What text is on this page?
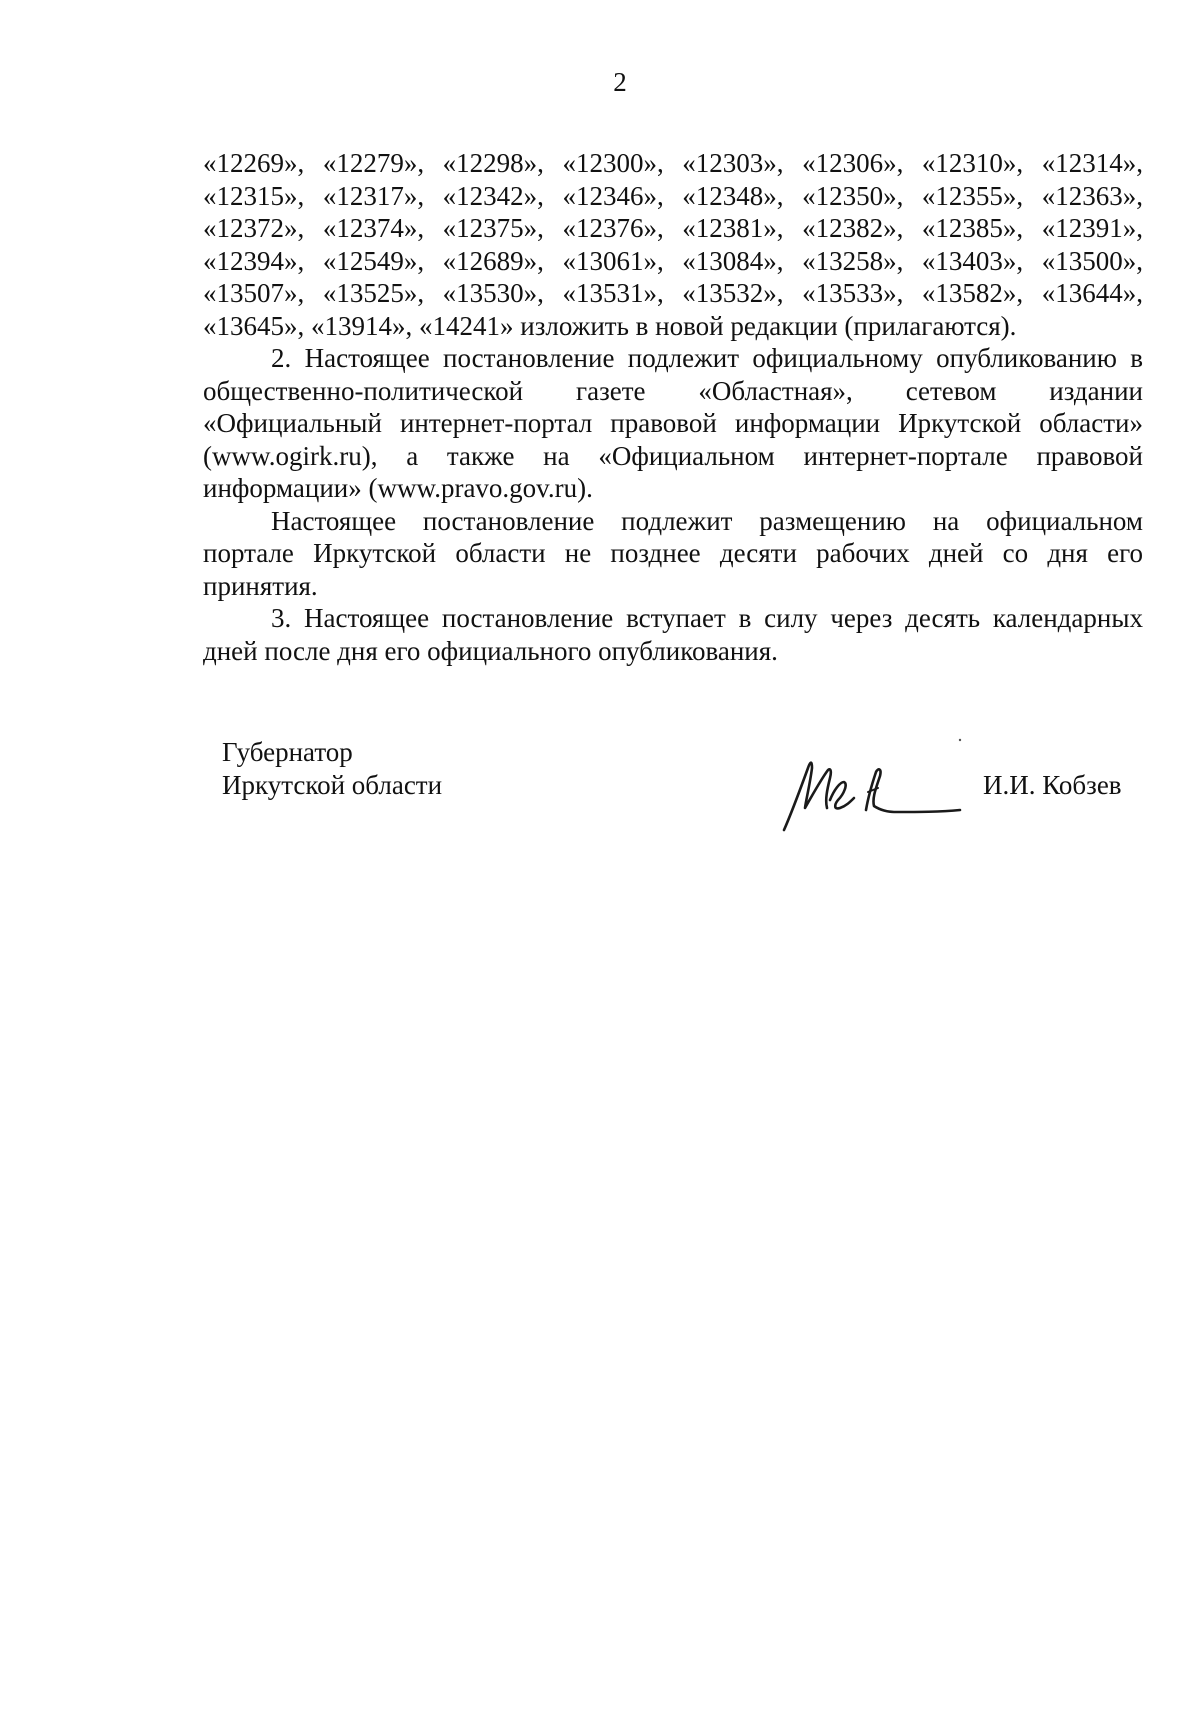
2
«12269», «12279», «12298», «12300», «12303», «12306», «12310», «12314»,
«12315», «12317», «12342», «12346», «12348», «12350», «12355», «12363»,
«12372», «12374», «12375», «12376», «12381», «12382», «12385», «12391»,
«12394», «12549», «12689», «13061», «13084», «13258», «13403», «13500»,
«13507», «13525», «13530», «13531», «13532», «13533», «13582», «13644»,
«13645», «13914», «14241» изложить в новой редакции (прилагаются).
2. Настоящее постановление подлежит официальному опубликованию в
общественно-политической газете «Областная», сетевом издании
«Официальный интернет-портал правовой информации Иркутской области»
(www.ogirk.ru), а также на «Официальном интернет-портале правовой
информации» (www.pravo.gov.ru).
Настоящее постановление подлежит размещению на официальном
портале Иркутской области не позднее десяти рабочих дней со дня его
принятия.
3. Настоящее постановление вступает в силу через десять календарных
дней после дня его официального опубликования.
Губернатор
Иркутской области	И.И. Кобзев
